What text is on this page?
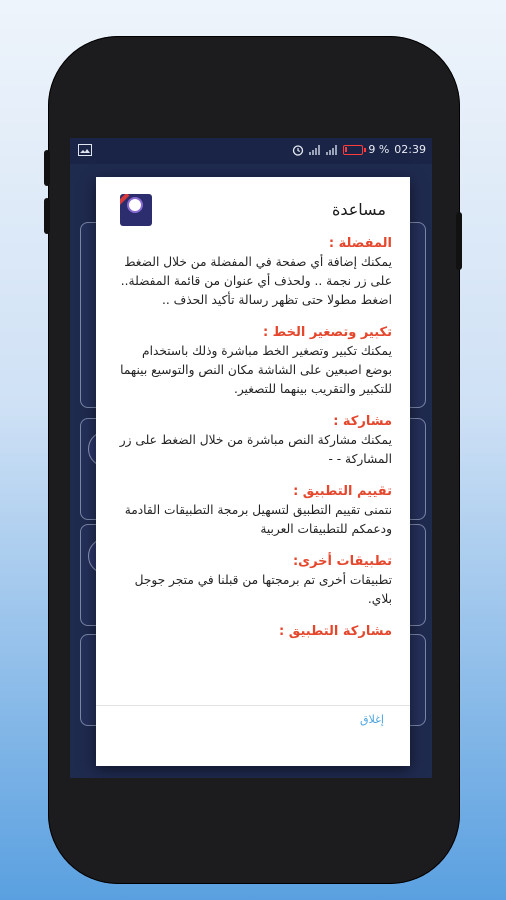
% 9 02:39
مساعدة
المفضلة :
يمكنك إضافة أي صفحة في المفضلة من خلال الضغط على زر نجمة .. ولحذف أي عنوان من قائمة المفضلة.. اضغط مطولا حتى تظهر رسالة تأكيد الحذف ..
تكبير وتصغير الخط :
يمكنك تكبير وتصغير الخط مباشرة وذلك باستخدام بوضع اصبعين على الشاشة مكان النص والتوسيع بينهما للتكبير والتقريب بينهما للتصغير.
مشاركة :
يمكنك مشاركة النص مباشرة من خلال الضغط على زر المشاركة - -
تقييم التطبيق :
نتمنى تقييم التطبيق لتسهيل برمجة التطبيقات القادمة ودعمكم للتطبيقات العربية
تطبيقات أخرى:
تطبيقات أخرى تم برمجتها من قبلنا في متجر جوجل بلاي.
مشاركة التطبيق :
إغلاق
